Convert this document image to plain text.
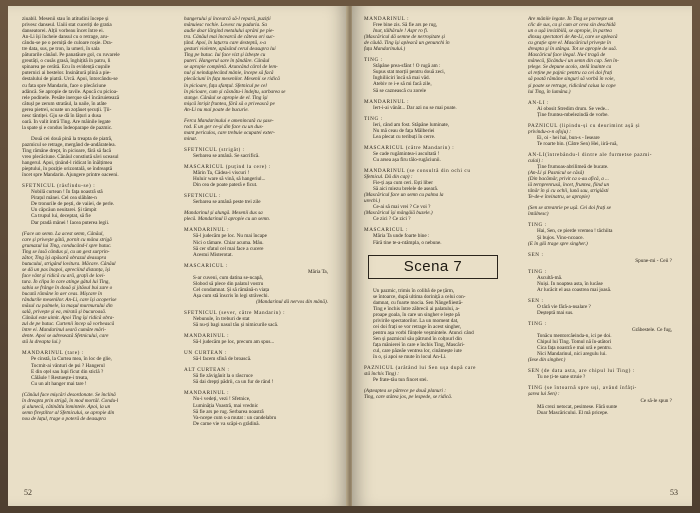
ziuabil. Mesenii stau în atitudini începe și
privesc danseul. Uaiii stat cuceriți de gratia
danseatorei. Alții vorbeau încet între ei.
An-Li își încheie dansul cu o retrage, aru-
cându-se pe o perniță de culoare roșie. Dra-
tre data, sus, pe tron, la umeri, în sala
păturarile cânăul. Pe panatăure gol, cu ruvarele
greutăți, o cusăs grasă, înghițită în patru, li
spinarea pe cerătă. Ecu în evidență cușnile
puternici ai bestelor. Insinătură plină a pie-
destalului de piatră. Urcă. Apoi, întorcându-se
cu fata spre Mandarin, face o plecăciune
adâncă. Se apropie de tavile. Apucă cu picioa-
rele podinele. Pesăte inerque să-l încăruietează
cătușl pe zerum stratăul, la naile, în atâte
gerea pietrei, scoate un zoțăuet șecuții. Ții-
nesc tăntiței. Gju se dă în lățuri a dusa
oară. În valit intră Ting. Are mâinile legate
la spate și e condus îndeoparape de pazmic.
Două cei două pină la treapta de piatră,
pazmicul se retrage, mergând de-andăratelea.
Ting rămâne drept, în picioare, fără să facă
vreo plecăciune. Cânăul constiută săvi uceasul
hangerul. Apoi, ținând-l ridicat în înălțimea
pieptului, în poziție orizontală, se îndreaptă
încet spre Mandarin. Ajungere printre oaceeni.
SFETNICUL (râsfindu-se) :
Nobilă curtean ! În fața noastră stă
Pirațul mânei. Cel cea slăbăte-n
De tronurile de pești, de vaiiei, de perle.
Un căpcăun neuitarei. Și tâmpit
Ca trupul lui, deceptat, să fie
Dar pradă mânei ! Iacea puterea legii.
(Face un semn. La acest semn, Cânăul,
care și privește gătă, pornit cu mâna strigă
grumazul lui Ting, conducând-l spre butuc.
Ting se lasă cândus și, cu un gest surprin-
zător, Ting își apăsară obrazul deasupra
butucului, strigând lovitura. Măcare. Cânăul
se dă un pas înapoi, apreciind distanța, își
face vânt și ridică cu ară, grații de lovi-
tura. În clipa în care atinge gâtul lui Ting,
sabia se frânge în două și jităoul bui zare o
bucată rămâne în aer ceas. Mișcare în
rândurile mesenilor. An-Li, care își acoperise
măsul cu palmele, la mașul murmurului din
sală, privește și ea, mirată și bucuroasă.
Cânăul este uimit. Apoi Ting își ridică obra-
zul de pe butuc. Curtenii încep să vorbească
între ei. Mandarinul seară cumăte mări-
dente. Apoi se adresează Sfetnicului, care
stă la dreapta lui.)
MANDARINUL (tare) :
Pe cinstă, la Curtea mea, în loc de glie,
Tocmit-ai vânturi de psi ? Hangerul
E din oțel sau lupi ficut din sticlă ?
Călăule ! Restuește-i treata,
Cu un alt hanger mai tare !
(Cânăul face mișcări desordonate. Se înclină
în dreapta prin strigă, în mod mortăl. Condu-l
și alunecă, cătinătlu înmintele. Apoi, la un
semn fireștiltor al Sfetnicului, se apropie din
nou de lațul, trage o poteră de deasupra
hangerului și încearcă să-l repară, puziții
mânuiesc rochie. Lovesc nu paduria. Sa
audie doar lărgind metalului sprâni pe pie-
tra. Cânăul mai încearcă de câteva ori suc-
țând. Apoi, în lațurru care desteptă, s-a
gesturi violente, apăsând cerul deasupra lui
Ting pe butuc. Iui face vizt și izbește cu
puteri. Hangerul sare în țăndăre. Cânăul
se apropie completă. Aruncând cârnl de lem-
nul și neinduplecând mânie, începe să facă
plecăciuni în fața mesenilor. Mesenii se ridică
în picioare, fața sfanțul. Sfetnicul pe cel
în picioare, cum și căsnătu-i îndejtu, sarbarea se
stange. Cânăul se apropie de el. Ting își
mișcă înrișit fruntea, fără să o privească pe
An-Li nu mai poate de bucurie.
Ferca Mandarinului e amenincată cu șase-
rod. E un ger ce-și din face cu un dus-
mant periculos, care trebuie ocupatei exter-
minat.
SFETNICUL (strigăt) :
Serbarea se amână. Se sacrifică.
MASCARICUL (puțind la cere) :
Mărin Ta, Cădea-i viscuri !
Huluir ware să vină, să hangeriul...
Din cea de poate pateră e ficut.
SFETNICUL :
Serbarea se amână peste trei zile
Mandarinul și alungă. Mesenii dus sa
plecă. Mandarinul îi apropie cu un semn.
MANDARINUL :
Să-l judecăm pe loc. Nu mai încape
Nici o tămare. Chiar acuma. Mâu.
Să cer sfatul cel mai face a cucere
Acestui Misterotat.
MASCARICUL :
Măria Ta,
S-ar cuveni, cum datina se-ncapă,
Slobod să plece din palatul vostru
Cel condamnat. Și să rămână-n viața
Așa cum stă înscris în legi străvechi.
(Mandarinul dă nervos din mână).
SFETNICUL (sever, către Mandarin) :
Nebunule, în treburi de stat
Să nu-ți bagi nasul tău și nimicurile sacă.
MANDARINUL :
Să-l judecăm pe loc, precum am spus...
UN CURTEAN :
Să-l facem sfină de broască.
ALT CURTEAN :
Să fie zăvigănit la o răscruce
Să dai drepți pădrii, ca un fur de rând !
MANDARINUL :
Nu-i vedeți, vezi ! Sfetnice,
Luminăția Voastră, mai vrednic
Să fie ars pe rug. Serbarea noastră
Va-ncepe cum s-a mutat : un candelabru
De carne vie va scăpi-n grădină.
52
MANDARINUL :
Free bine zis. Să fie ars pe rug,
Inur, tâlhărule ! Aspr ro fi.
(Mascăricul dă semne de nerroșitate și
de căulă. Ting își apleacă un genunchi în
fața Mandarinului.)
TING :
Stăpâne prea-sfânt ! O rugă am :
Supus stat morții pentru două zeci,
Înghiliiciri încă să mai văd.
Atebiv re i-e să mi facă zile,
Să se caznească cu zorele
MANDARINUL :
Iert-i-ai vânăt... Dar azi nu se mai poate.
TING :
Ieri, când am fost. Stăpâne luminate,
Nu mă ceau de fața Mălberiei
Lea plecat cu teribuți în cerre.
MASCARICUL (către Mandarin) :
Se cade rugămintea-i ascultată !
Cu arsea așa firu tălo-rugăciunii.
MANDARINUL (se consultă din ochi cu
Sfetnicul. Dă din cap) :
Fie-ți așa cum ceri. Ești liber
Să aici miezu brelele de aseară.
(Mascăricul face un semn cu palma la
urechi.)
Ce-ai să mai vrei ? Ce voi ?
(Mascăricul își mângâiă buzele.)
Ce zici ? Ce zici ?
MASCARICUL :
Măria Ta unde foarte bine :
Fără tine te-a-ntâmpla, o nebune.
Scena 7
Un pazmic, trimis în colibă de pe țărm,
se întoarce, după ultima doriniță a celui con-
damnat, cu foarte mocia. Sen Nângefiiestă-
Ting e închis între zăbrecii ai palatului, a-
proape goala, în care un singher e lește pă
privirile spectatorilor. La un moment dat,
cei doi frați se vor retrage în acest singher,
pentru așa vorbi ființele veșmintele. Atunci când
Sen și pazmicul său pătrund în colțourl din
fața mănierei în care e închis Ting, Mascări-
cul, care păzeăe ventrea lor, cinâmește iute
în o, și apoi se mute în locul An-Li.
PAZNICUL (arătând lui Sen ușa după care
stă închis Ting) :
Pe frate-tău tun fincet stei.
(Așteaptea se pătrece pe două planuri :
Ting, care stătea jos, pe lespede, se ridică.
Are mânile legate. În Ting se pornește un
clic de sus, ca și cum ar ceva sin deschidă
un o ușă invizibilă, se apropie, în partea
dinsuș spectatori de An-Li, care se apleacă
cu grație spre el. Mascăricul privește în
dreapta și în stânga. Tot se apropie de usă.
Mascăricul face ilegal. Nu-l tragă de
mânecă, făcându-i un semn din cap. Sen în-
țelege. Se depune acolo, stelă înainte ca
al reține pe pajnic pentru ca cei doi frați
să poată rămâne singuri să vorbă în voie,
și poate se retrage, ridicând caiua la cope
lui Ting, în lumâna.)
AN-LI :
Ai obosit Stredim drum. Se vede...
Ține fruntea-mbelezindă de vorbe.
PAZNICUL (lipindu-și cu deurimint așă și
privindu-o-n ofoju) :
Ei, oi - hei hai, bun-s - Ieseare
Te roarte bin. (Către Sen) Hei, iiră-ruă,
AN-LI(întrebându-l dintre ale furmetse pazmi-
culai) :
Ține frumoas-abrilimeă de bucate.
(An-Li și Pasnicul se căsâ)
(Din bacămăr, privit ca s-au afică, a ...
iă ternprenrusă, încet, fruntea, fiind un
tânăr în și cu ochii, lună sau, strigiăsti
Te-de-e învinatru, se apropie)
(Sen se streanrie pe ușă. Cei doi frați se
întâlnesc)
TING :
Hai, Sen, ce pierde vremea ! tăchiita
Și bujos. Vino-ncoace.
(E în glă trage spre singher.)
SEN :
Spune-mi - Ceii ?
TING :
Ascultă-mă.
Nuiși. În noaptea asta, în lucăse
Ar lucăcit el asa coastrea mai joasă.
SEN :
O tărâ vie fără-a-nsalare ?
Deșteptă mai sus.
TING :
Grăbestele. Ce fug,
Tonăcu mentorcăeinda-n, ici pe doi.
Chipul lui Ting. Tomul nă în-atători
Cica fața noastră e mai urâ e pentru.
Nici Mandarinul, nici aregulu lui.
(Iese din singher.)
SEN (de data asta, are chipul lui Ting) :
Tu ne ți-te sane struie ?
TING (se întoarnă spre uși, având înfâți-
șarea lui Sen) :
Ce să-le spun ?
Mă crezi netocat, pesimese. Fără sunte
Doar Mascăricului. El mă pricepe.
53
